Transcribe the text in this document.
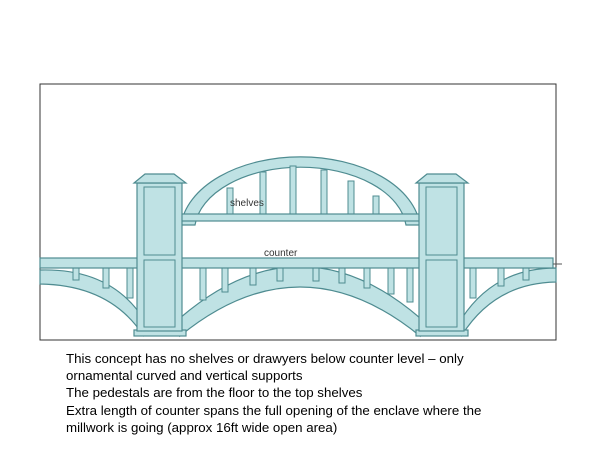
shelves
counter
This concept has no shelves or drawyers below counter level – only
ornamental curved and vertical supports
The pedestals are from the floor to the top shelves
Extra length of counter spans the full opening of the enclave where the
millwork is going (approx 16ft wide open area)
